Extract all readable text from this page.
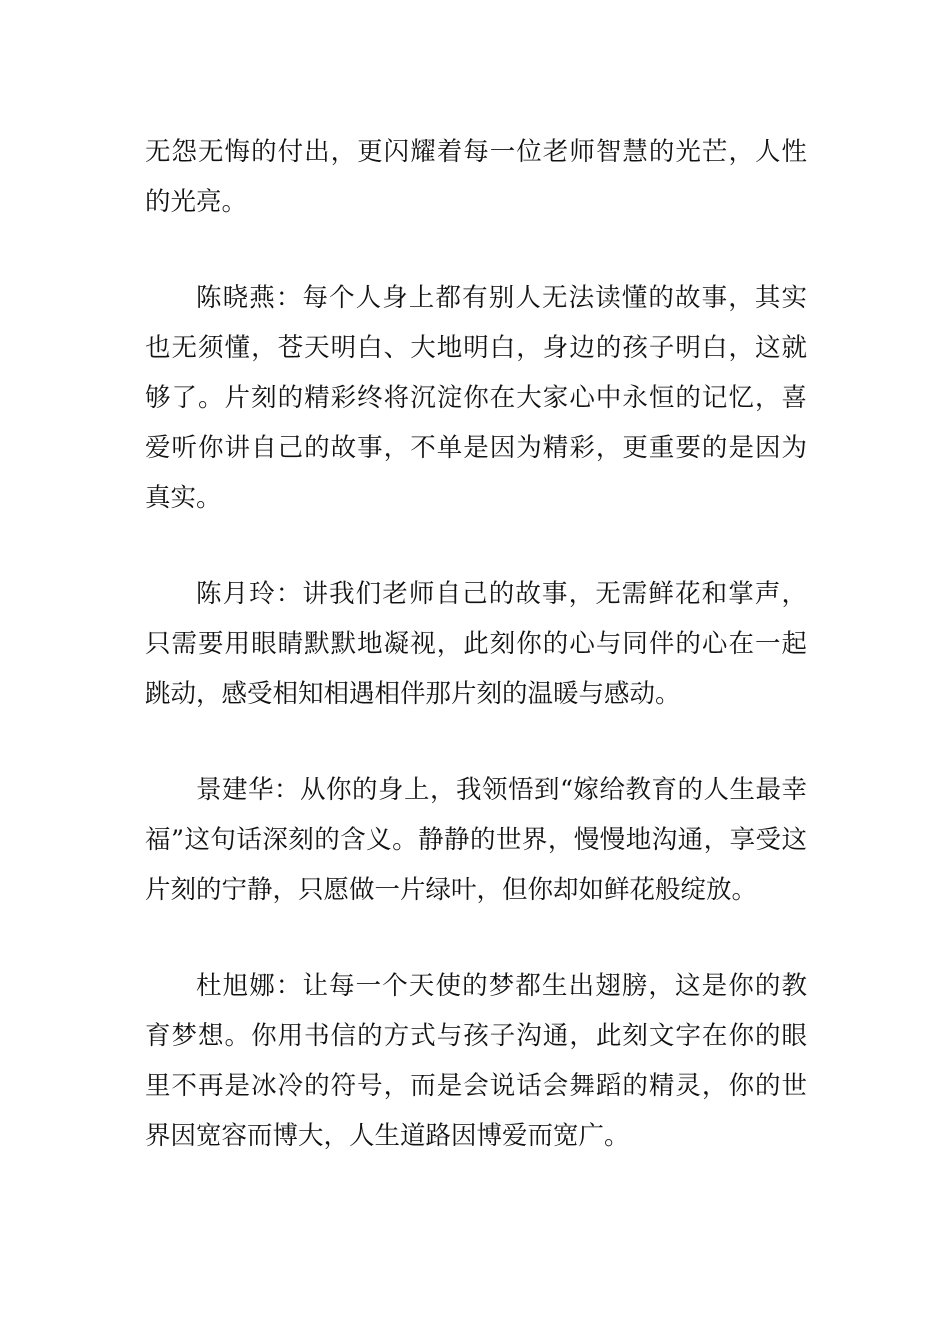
无怨无悔的付出，更闪耀着每一位老师智慧的光芒，人性的光亮。

陈晓燕：每个人身上都有别人无法读懂的故事，其实也无须懂，苍天明白、大地明白，身边的孩子明白，这就够了。片刻的精彩终将沉淀你在大家心中永恒的记忆，喜爱听你讲自己的故事，不单是因为精彩，更重要的是因为真实。

陈月玲：讲我们老师自己的故事，无需鲜花和掌声，只需要用眼睛默默地凝视，此刻你的心与同伴的心在一起跳动，感受相知相遇相伴那片刻的温暖与感动。

景建华：从你的身上，我领悟到“嫁给教育的人生最幸福”这句话深刻的含义。静静的世界，慢慢地沟通，享受这片刻的宁静，只愿做一片绿叶，但你却如鲜花般绽放。

杜旭娜：让每一个天使的梦都生出翅膀，这是你的教育梦想。你用书信的方式与孩子沟通，此刻文字在你的眼里不再是冰冷的符号，而是会说话会舞蹈的精灵，你的世界因宽容而博大，人生道路因博爱而宽广。
